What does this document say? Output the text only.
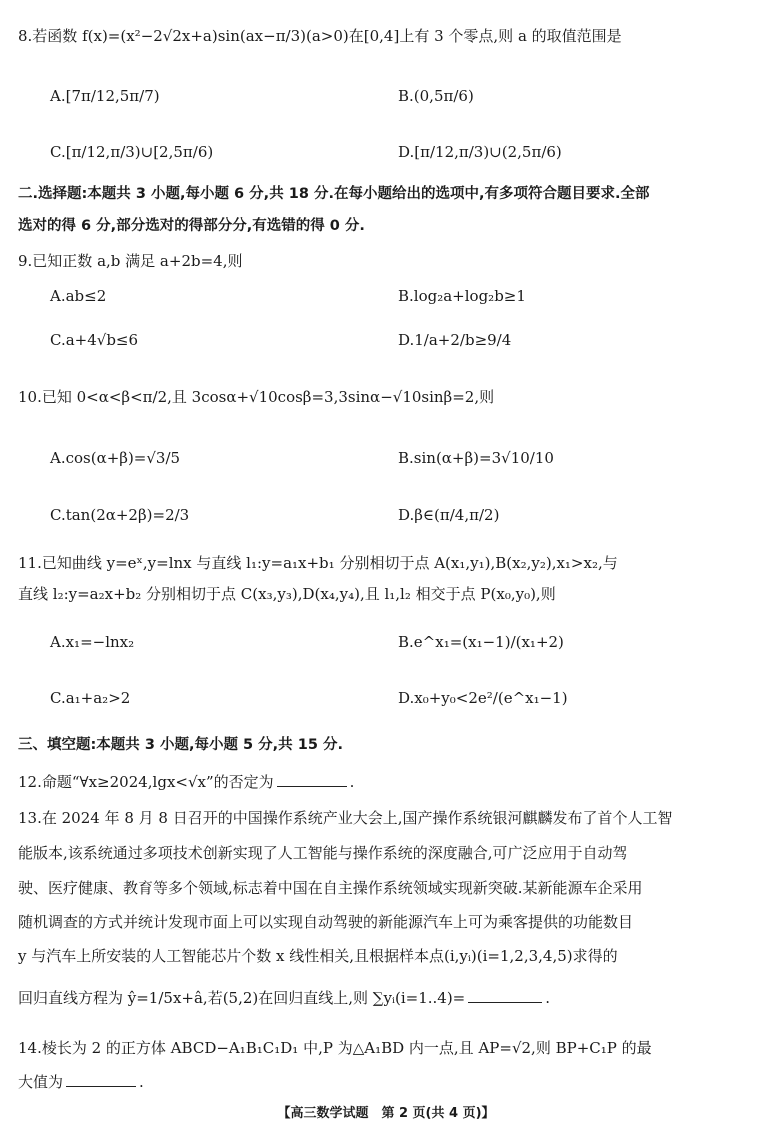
8.若函数 f(x)=(x²−2√2x+a)sin(ax−π/3)(a>0)在[0,4]上有 3 个零点,则 a 的取值范围是
A.[7π/12,5π/7)	B.(0,5π/6)
C.[π/12,π/3)∪[2,5π/6)	D.[π/12,π/3)∪(2,5π/6)
二.选择题:本题共 3 小题,每小题 6 分,共 18 分.在每小题给出的选项中,有多项符合题目要求.全部
选对的得 6 分,部分选对的得部分分,有选错的得 0 分.
9.已知正数 a,b 满足 a+2b=4,则
A.ab≤2	B.log₂a+log₂b≥1
C.a+4√b≤6	D.1/a+2/b≥9/4
10.已知 0<α<β<π/2,且 3cosα+√10cosβ=3,3sinα−√10sinβ=2,则
A.cos(α+β)=√3/5	B.sin(α+β)=3√10/10
C.tan(2α+2β)=2/3	D.β∈(π/4,π/2)
11.已知曲线 y=eˣ,y=lnx 与直线 l₁:y=a₁x+b₁ 分别相切于点 A(x₁,y₁),B(x₂,y₂),x₁>x₂,与
直线 l₂:y=a₂x+b₂ 分别相切于点 C(x₃,y₃),D(x₄,y₄),且 l₁,l₂ 相交于点 P(x₀,y₀),则
A.x₁=−lnx₂	B.e^x₁=(x₁−1)/(x₁+2)
C.a₁+a₂>2	D.x₀+y₀<2e²/(e^x₁−1)
三、填空题:本题共 3 小题,每小题 5 分,共 15 分.
12.命题“∀x≥2024,lgx<√x”的否定为	.
13.在 2024 年 8 月 8 日召开的中国操作系统产业大会上,国产操作系统银河麒麟发布了首个人工智
能版本,该系统通过多项技术创新实现了人工智能与操作系统的深度融合,可广泛应用于自动驾
驶、医疗健康、教育等多个领域,标志着中国在自主操作系统领域实现新突破.某新能源车企采用
随机调查的方式并统计发现市面上可以实现自动驾驶的新能源汽车上可为乘客提供的功能数目
y 与汽车上所安装的人工智能芯片个数 x 线性相关,且根据样本点(i,yᵢ)(i=1,2,3,4,5)求得的
回归直线方程为 ŷ=1/5x+â,若(5,2)在回归直线上,则 ∑yᵢ(i=1..4)=	.
14.棱长为 2 的正方体 ABCD−A₁B₁C₁D₁ 中,P 为△A₁BD 内一点,且 AP=√2,则 BP+C₁P 的最
大值为	.
【高三数学试题　第 2 页(共 4 页)】
